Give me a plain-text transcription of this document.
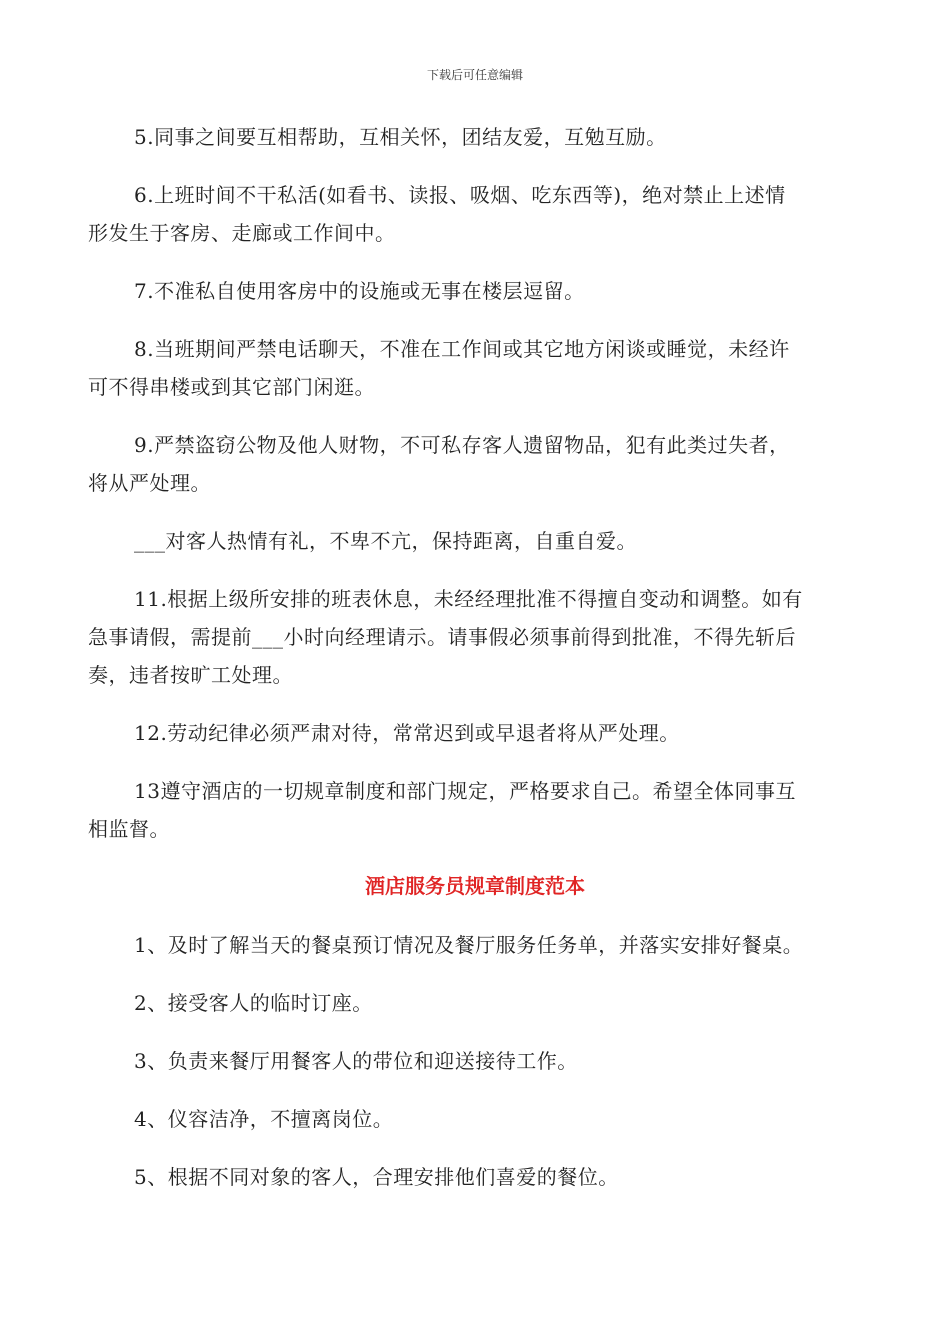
下载后可任意编辑
5.同事之间要互相帮助，互相关怀，团结友爱，互勉互励。
6.上班时间不干私活(如看书、读报、吸烟、吃东西等)，绝对禁止上述情
形发生于客房、走廊或工作间中。
7.不准私自使用客房中的设施或无事在楼层逗留。
8.当班期间严禁电话聊天，不准在工作间或其它地方闲谈或睡觉，未经许
可不得串楼或到其它部门闲逛。
9.严禁盗窃公物及他人财物，不可私存客人遗留物品，犯有此类过失者，
将从严处理。
___对客人热情有礼，不卑不亢，保持距离，自重自爱。
11.根据上级所安排的班表休息，未经经理批准不得擅自变动和调整。如有
急事请假，需提前___小时向经理请示。请事假必须事前得到批准，不得先斩后
奏，违者按旷工处理。
12.劳动纪律必须严肃对待，常常迟到或早退者将从严处理。
13遵守酒店的一切规章制度和部门规定，严格要求自己。希望全体同事互
相监督。
酒店服务员规章制度范本
1、及时了解当天的餐桌预订情况及餐厅服务任务单，并落实安排好餐桌。
2、接受客人的临时订座。
3、负责来餐厅用餐客人的带位和迎送接待工作。
4、仪容洁净，不擅离岗位。
5、根据不同对象的客人，合理安排他们喜爱的餐位。
